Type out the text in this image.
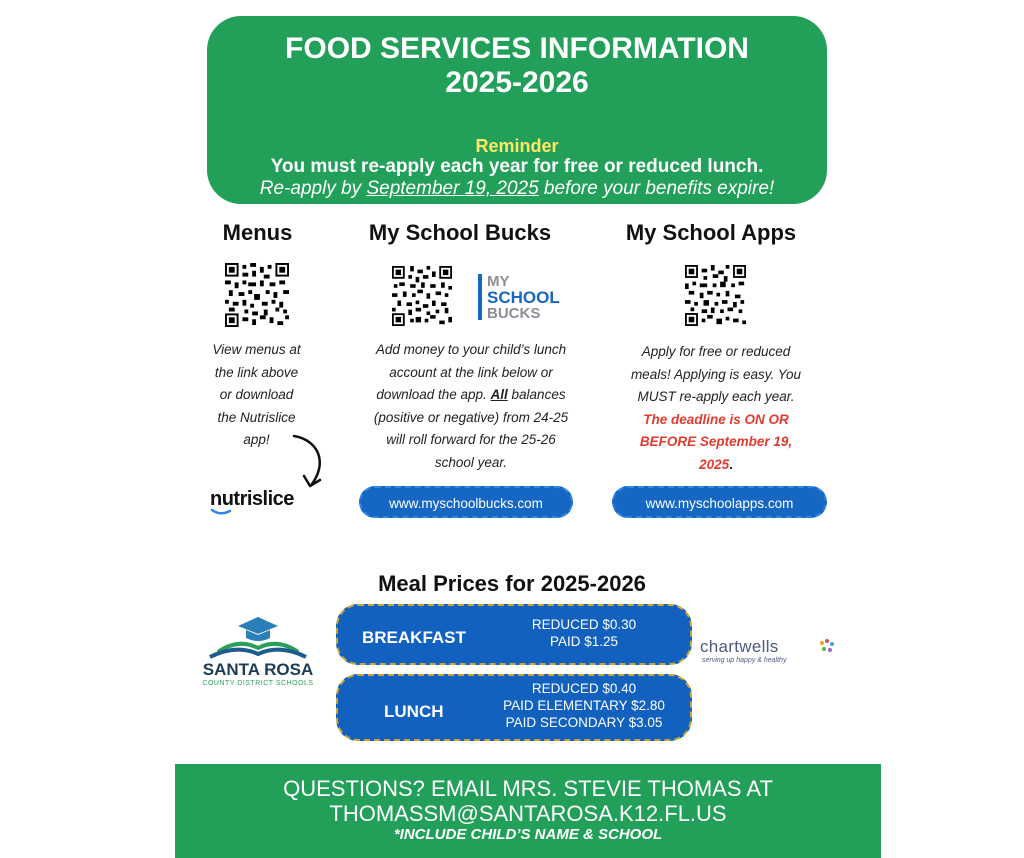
FOOD SERVICES INFORMATION
2025-2026
Reminder
You must re-apply each year for free or reduced lunch.
Re-apply by September 19, 2025 before your benefits expire!
Menus
View menus at
the link above
or download
the Nutrislice
app!
nutrislice
My School Bucks
MY
SCHOOL
BUCKS
Add money to your child’s lunch
account at the link below or
download the app. All balances
(positive or negative) from 24-25
will roll forward for the 25-26
school year.
www.myschoolbucks.com
My School Apps
Apply for free or reduced
meals! Applying is easy. You
MUST re-apply each year.
The deadline is ON OR
BEFORE September 19,
2025.
www.myschoolapps.com
Meal Prices for 2025-2026
BREAKFAST
REDUCED $0.30
PAID $1.25
LUNCH
REDUCED $0.40
PAID ELEMENTARY $2.80
PAID SECONDARY $3.05
SANTA ROSA
COUNTY DISTRICT SCHOOLS
chartwells
serving up happy & healthy
QUESTIONS? EMAIL MRS. STEVIE THOMAS AT
THOMASSM@SANTAROSA.K12.FL.US
*INCLUDE CHILD’S NAME & SCHOOL
